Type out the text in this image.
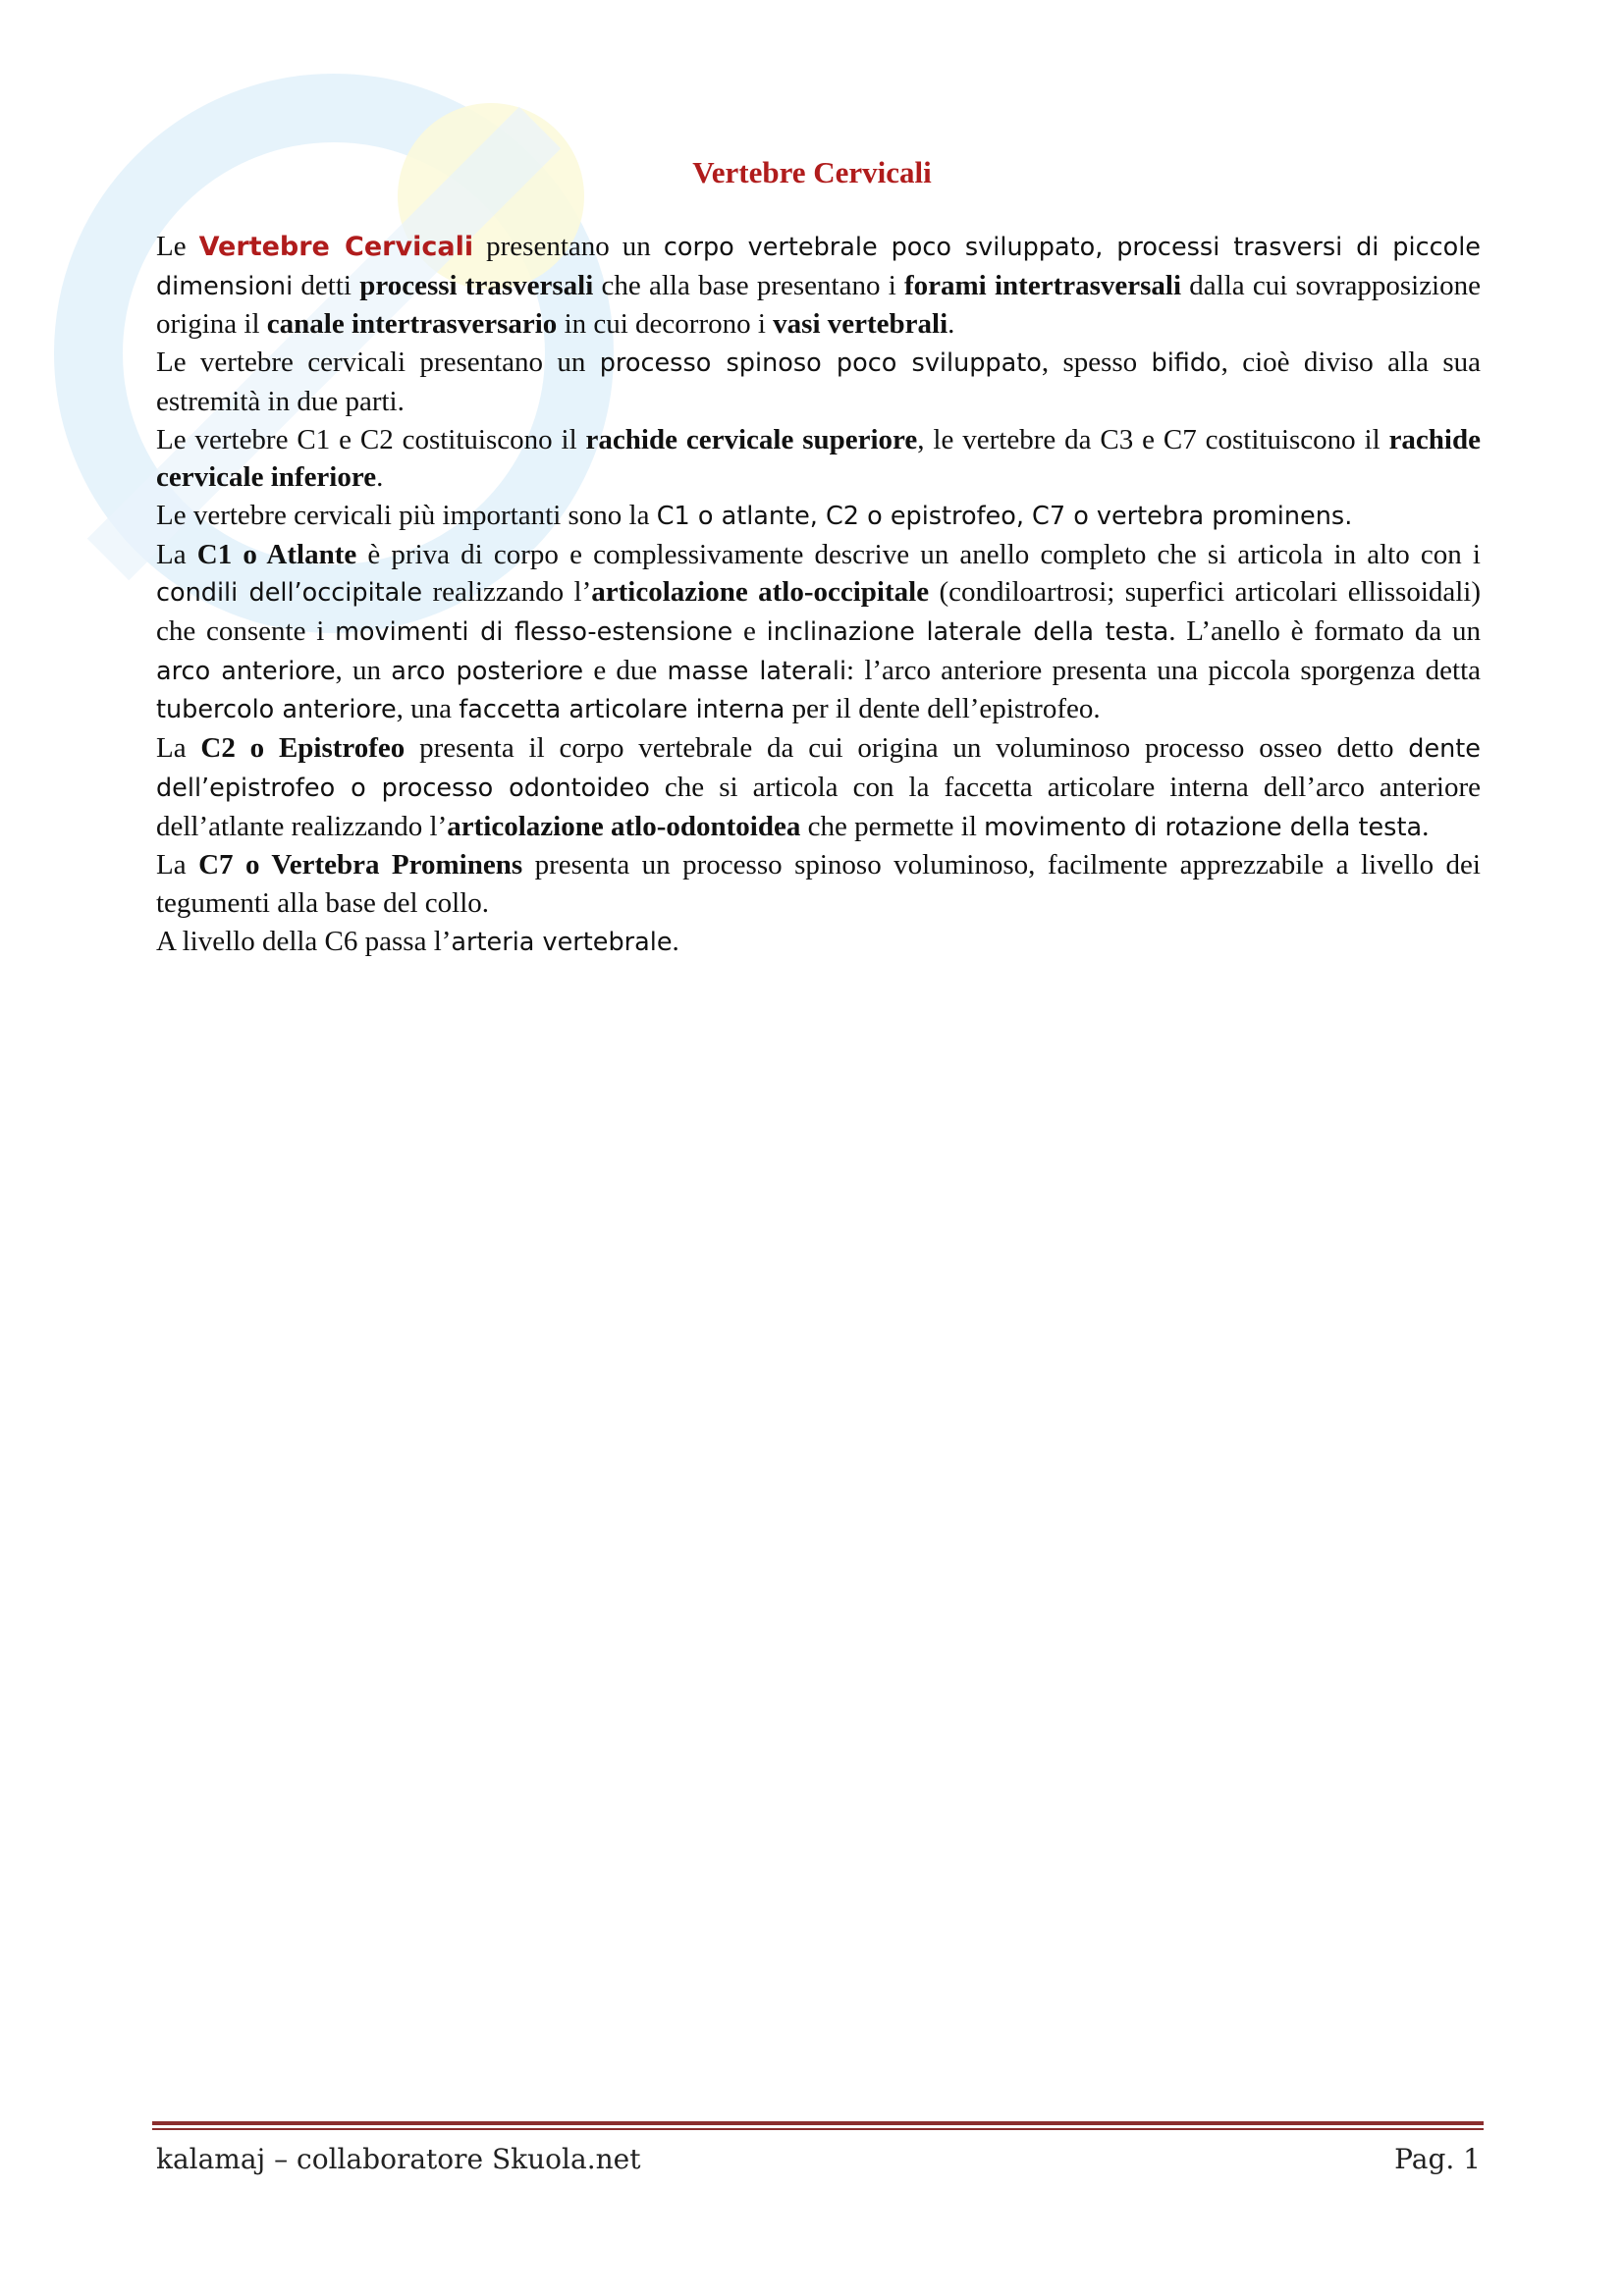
Vertebre Cervicali

Le Vertebre Cervicali presentano un corpo vertebrale poco sviluppato, processi trasversi di piccole dimensioni detti processi trasversali che alla base presentano i forami intertrasversali dalla cui sovrapposizione origina il canale intertrasversario in cui decorrono i vasi vertebrali.

Le vertebre cervicali presentano un processo spinoso poco sviluppato, spesso bifido, cioè diviso alla sua estremità in due parti.

Le vertebre C1 e C2 costituiscono il rachide cervicale superiore, le vertebre da C3 e C7 costituiscono il rachide cervicale inferiore.

Le vertebre cervicali più importanti sono la C1 o atlante, C2 o epistrofeo, C7 o vertebra prominens.

La C1 o Atlante è priva di corpo e complessivamente descrive un anello completo che si articola in alto con i condili dell’occipitale realizzando l’articolazione atlo-occipitale (condiloartrosi; superfici articolari ellissoidali) che consente i movimenti di flesso-estensione e inclinazione laterale della testa. L’anello è formato da un arco anteriore, un arco posteriore e due masse laterali: l’arco anteriore presenta una piccola sporgenza detta tubercolo anteriore, una faccetta articolare interna per il dente dell’epistrofeo.

La C2 o Epistrofeo presenta il corpo vertebrale da cui origina un voluminoso processo osseo detto dente dell’epistrofeo o processo odontoideo che si articola con la faccetta articolare interna dell’arco anteriore dell’atlante realizzando l’articolazione atlo-odontoidea che permette il movimento di rotazione della testa.

La C7 o Vertebra Prominens presenta un processo spinoso voluminoso, facilmente apprezzabile a livello dei tegumenti alla base del collo.

A livello della C6 passa l’arteria vertebrale.

kalamaj – collaboratore Skuola.net	Pag. 1
